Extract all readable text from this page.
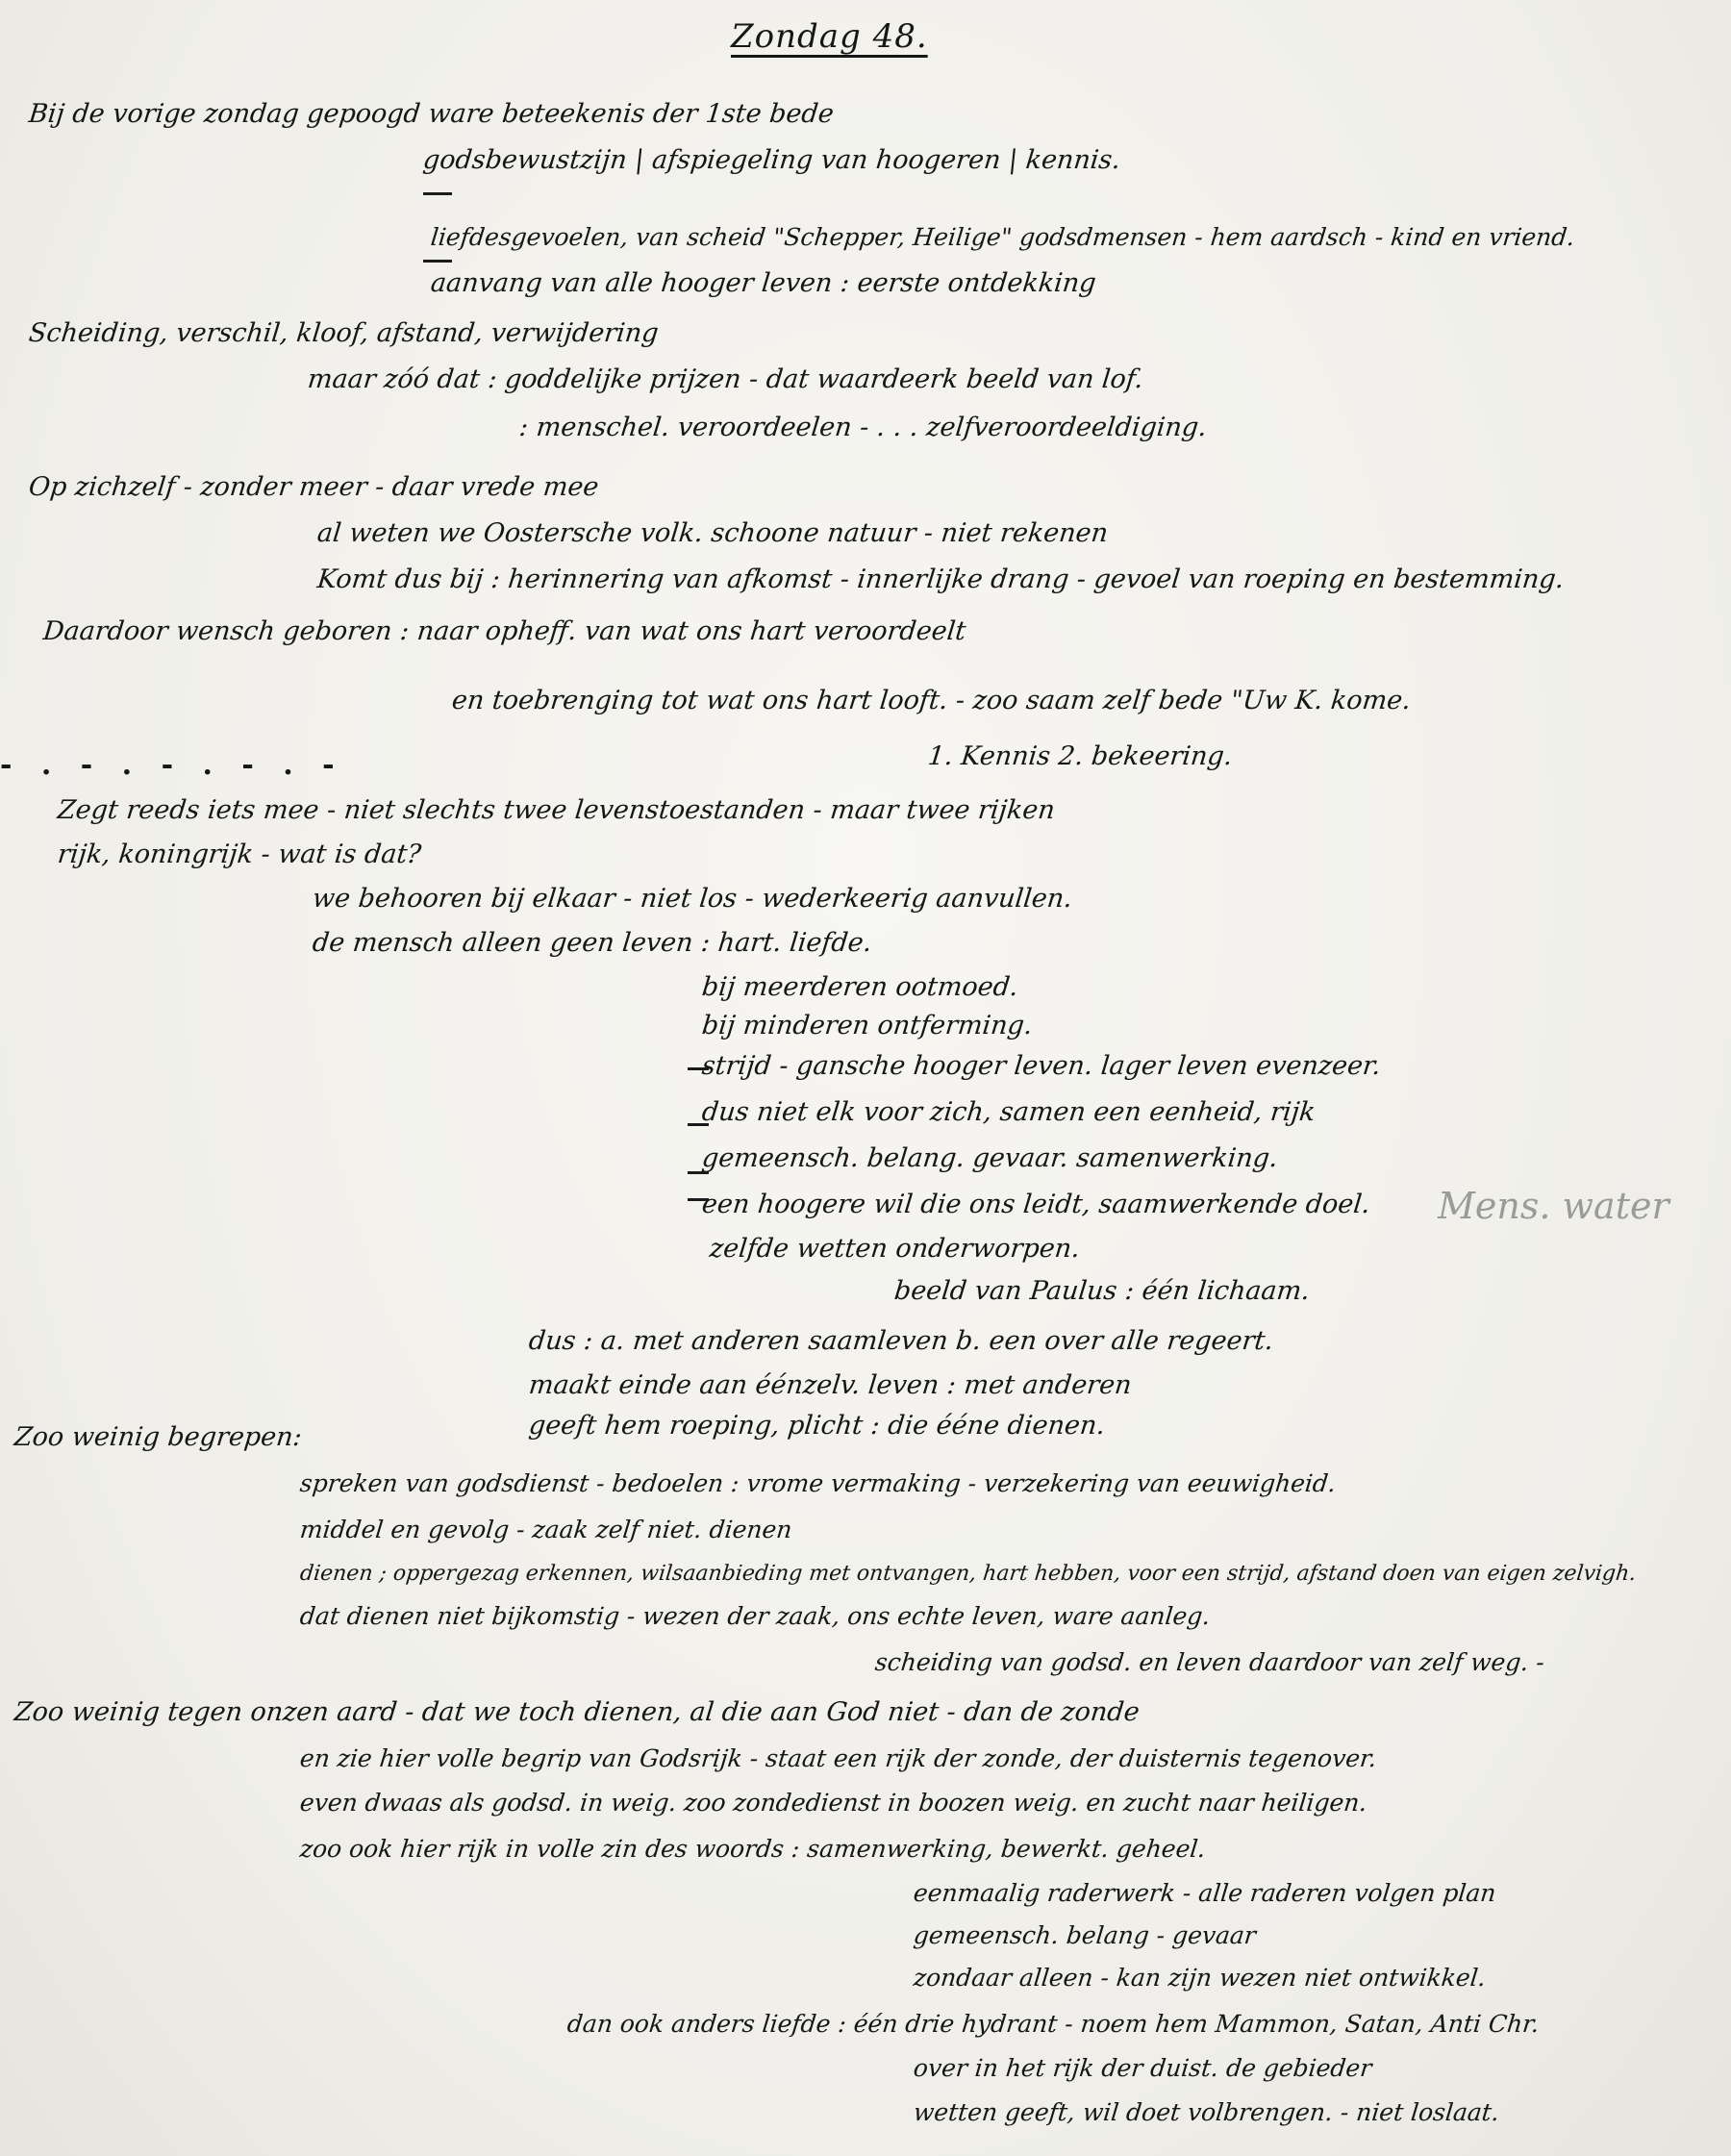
Zondag 48.
Bij de vorige zondag gepoogd ware beteekenis der 1ste bede
godsbewustzijn | afspiegeling van hoogeren | kennis.
liefdesgevoelen, van scheid "Schepper, Heilige" godsdmensen - hem aardsch - kind en vriend.
aanvang van alle hooger leven : eerste ontdekking
Scheiding, verschil, kloof, afstand, verwijdering
maar zóó dat : goddelijke prijzen - dat waardeerk beeld van lof.
: menschel. veroordeelen - . . . zelfveroordeeldiging.
Op zichzelf - zonder meer - daar vrede mee
al weten we Oostersche volk. schoone natuur - niet rekenen
Komt dus bij : herinnering van afkomst - innerlijke drang - gevoel van roeping en bestemming.
Daardoor wensch geboren : naar opheff. van wat ons hart veroordeelt
en toebrenging tot wat ons hart looft. - zoo saam zelf bede "Uw K. kome.
- . - . - . - . -	1. Kennis 2. bekeering.
Zegt reeds iets mee - niet slechts twee levenstoestanden - maar twee rijken
rijk, koningrijk - wat is dat?
we behooren bij elkaar - niet los - wederkeerig aanvullen.
de mensch alleen geen leven : hart. liefde.
bij meerderen ootmoed.
bij minderen ontferming.
strijd - gansche hooger leven. lager leven evenzeer.
dus niet elk voor zich, samen een eenheid, rijk
gemeensch. belang. gevaar. samenwerking.
een hoogere wil die ons leidt, saamwerkende doel. Mens. water
zelfde wetten onderworpen.
beeld van Paulus : één lichaam.
dus : a. met anderen saamleven b. een over alle regeert.
maakt einde aan éénzelv. leven : met anderen
geeft hem roeping, plicht : die ééne dienen.
Zoo weinig begrepen:
spreken van godsdienst - bedoelen : vrome vermaking - verzekering van eeuwigheid.
middel en gevolg - zaak zelf niet. dienen
dienen ; oppergezag erkennen, wilsaanbieding met ontvangen, hart hebben, voor een strijd, afstand doen van eigen zelvigh.
dat dienen niet bijkomstig - wezen der zaak, ons echte leven, ware aanleg.
scheiding van godsd. en leven daardoor van zelf weg. -
Zoo weinig tegen onzen aard - dat we toch dienen, al die aan God niet - dan de zonde
en zie hier volle begrip van Godsrijk - staat een rijk der zonde, der duisternis tegenover.
even dwaas als godsd. in weig. zoo zondedienst in boozen weig. en zucht naar heiligen.
zoo ook hier rijk in volle zin des woords : samenwerking, bewerkt. geheel.
eenmaalig raderwerk - alle raderen volgen plan
gemeensch. belang - gevaar
zondaar alleen - kan zijn wezen niet ontwikkel.
dan ook anders liefde : één drie hydrant - noem hem Mammon, Satan, Anti Chr.
over in het rijk der duist. de gebieder
wetten geeft, wil doet volbrengen. - niet loslaat.
